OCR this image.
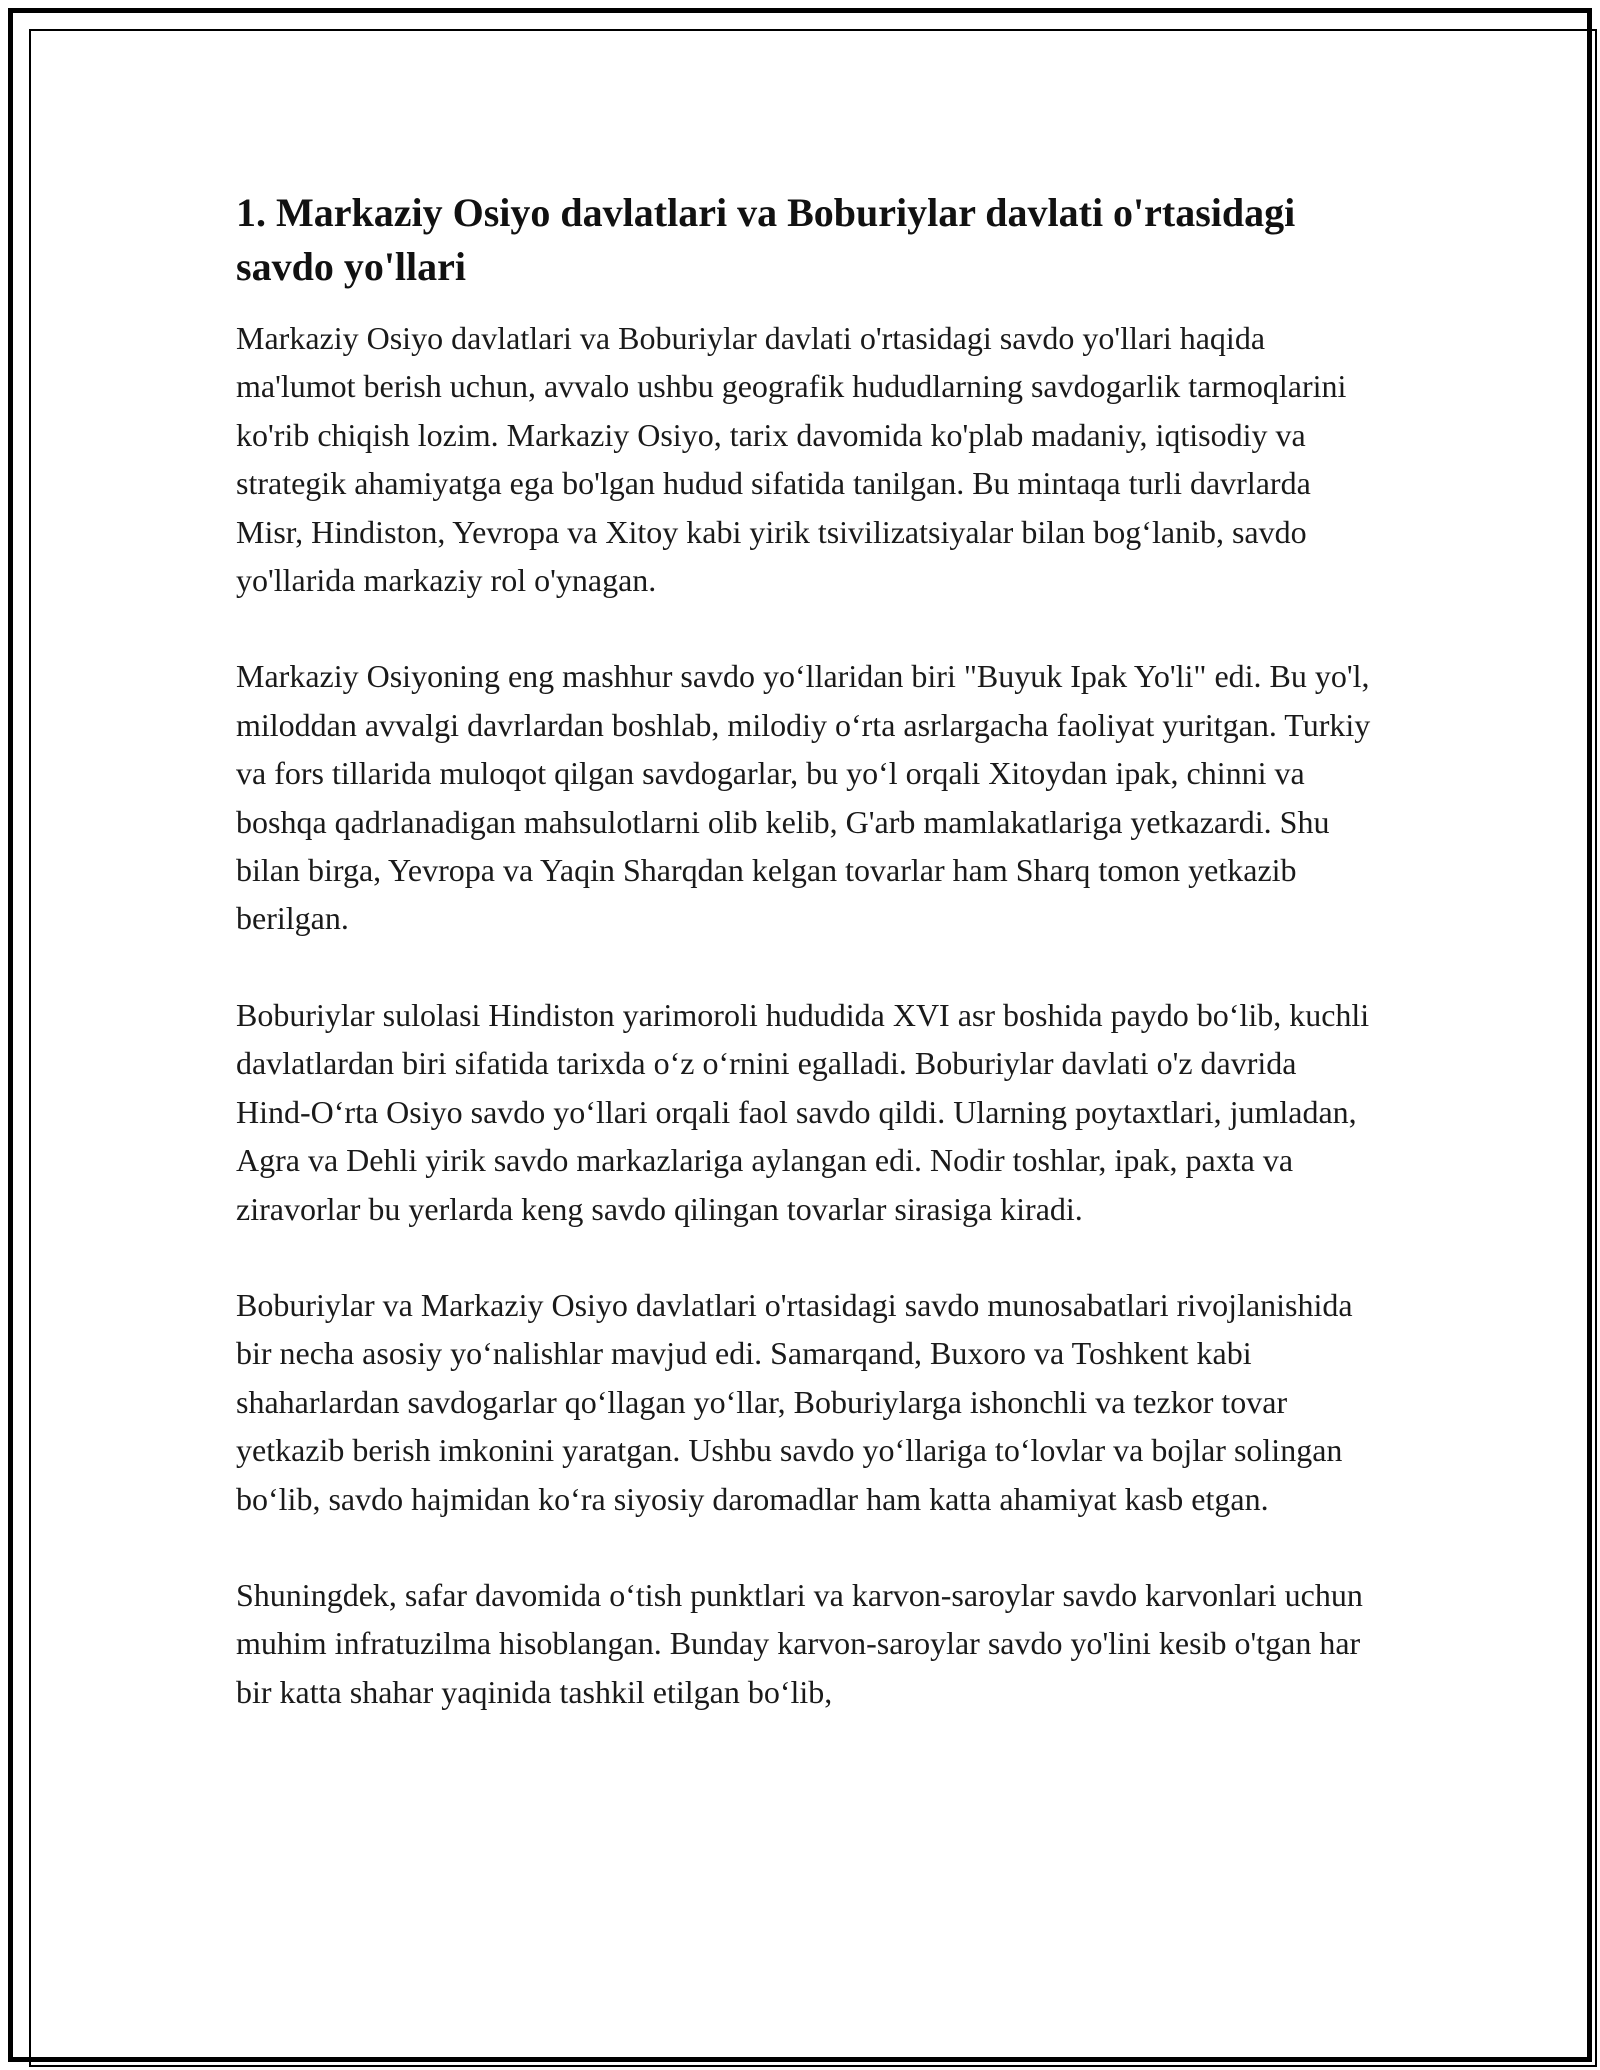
1. Markaziy Osiyo davlatlari va Boburiylar davlati o'rtasidagi savdo yo'llari

Markaziy Osiyo davlatlari va Boburiylar davlati o'rtasidagi savdo yo'llari haqida ma'lumot berish uchun, avvalo ushbu geografik hududlarning savdogarlik tarmoqlarini ko'rib chiqish lozim. Markaziy Osiyo, tarix davomida ko'plab madaniy, iqtisodiy va strategik ahamiyatga ega bo'lgan hudud sifatida tanilgan. Bu mintaqa turli davrlarda Misr, Hindiston, Yevropa va Xitoy kabi yirik tsivilizatsiyalar bilan bog‘lanib, savdo yo'llarida markaziy rol o'ynagan.

Markaziy Osiyoning eng mashhur savdo yo‘llaridan biri "Buyuk Ipak Yo'li" edi. Bu yo'l, miloddan avvalgi davrlardan boshlab, milodiy o‘rta asrlargacha faoliyat yuritgan. Turkiy va fors tillarida muloqot qilgan savdogarlar, bu yo‘l orqali Xitoydan ipak, chinni va boshqa qadrlanadigan mahsulotlarni olib kelib, G'arb mamlakatlariga yetkazardi. Shu bilan birga, Yevropa va Yaqin Sharqdan kelgan tovarlar ham Sharq tomon yetkazib berilgan.

Boburiylar sulolasi Hindiston yarimoroli hududida XVI asr boshida paydo bo‘lib, kuchli davlatlardan biri sifatida tarixda o‘z o‘rnini egalladi. Boburiylar davlati o'z davrida Hind-O‘rta Osiyo savdo yo‘llari orqali faol savdo qildi. Ularning poytaxtlari, jumladan, Agra va Dehli yirik savdo markazlariga aylangan edi. Nodir toshlar, ipak, paxta va ziravorlar bu yerlarda keng savdo qilingan tovarlar sirasiga kiradi.

Boburiylar va Markaziy Osiyo davlatlari o'rtasidagi savdo munosabatlari rivojlanishida bir necha asosiy yo‘nalishlar mavjud edi. Samarqand, Buxoro va Toshkent kabi shaharlardan savdogarlar qo‘llagan yo‘llar, Boburiylarga ishonchli va tezkor tovar yetkazib berish imkonini yaratgan. Ushbu savdo yo‘llariga to‘lovlar va bojlar solingan bo‘lib, savdo hajmidan ko‘ra siyosiy daromadlar ham katta ahamiyat kasb etgan.

Shuningdek, safar davomida o‘tish punktlari va karvon-saroylar savdo karvonlari uchun muhim infratuzilma hisoblangan. Bunday karvon-saroylar savdo yo'lini kesib o'tgan har bir katta shahar yaqinida tashkil etilgan bo‘lib,
